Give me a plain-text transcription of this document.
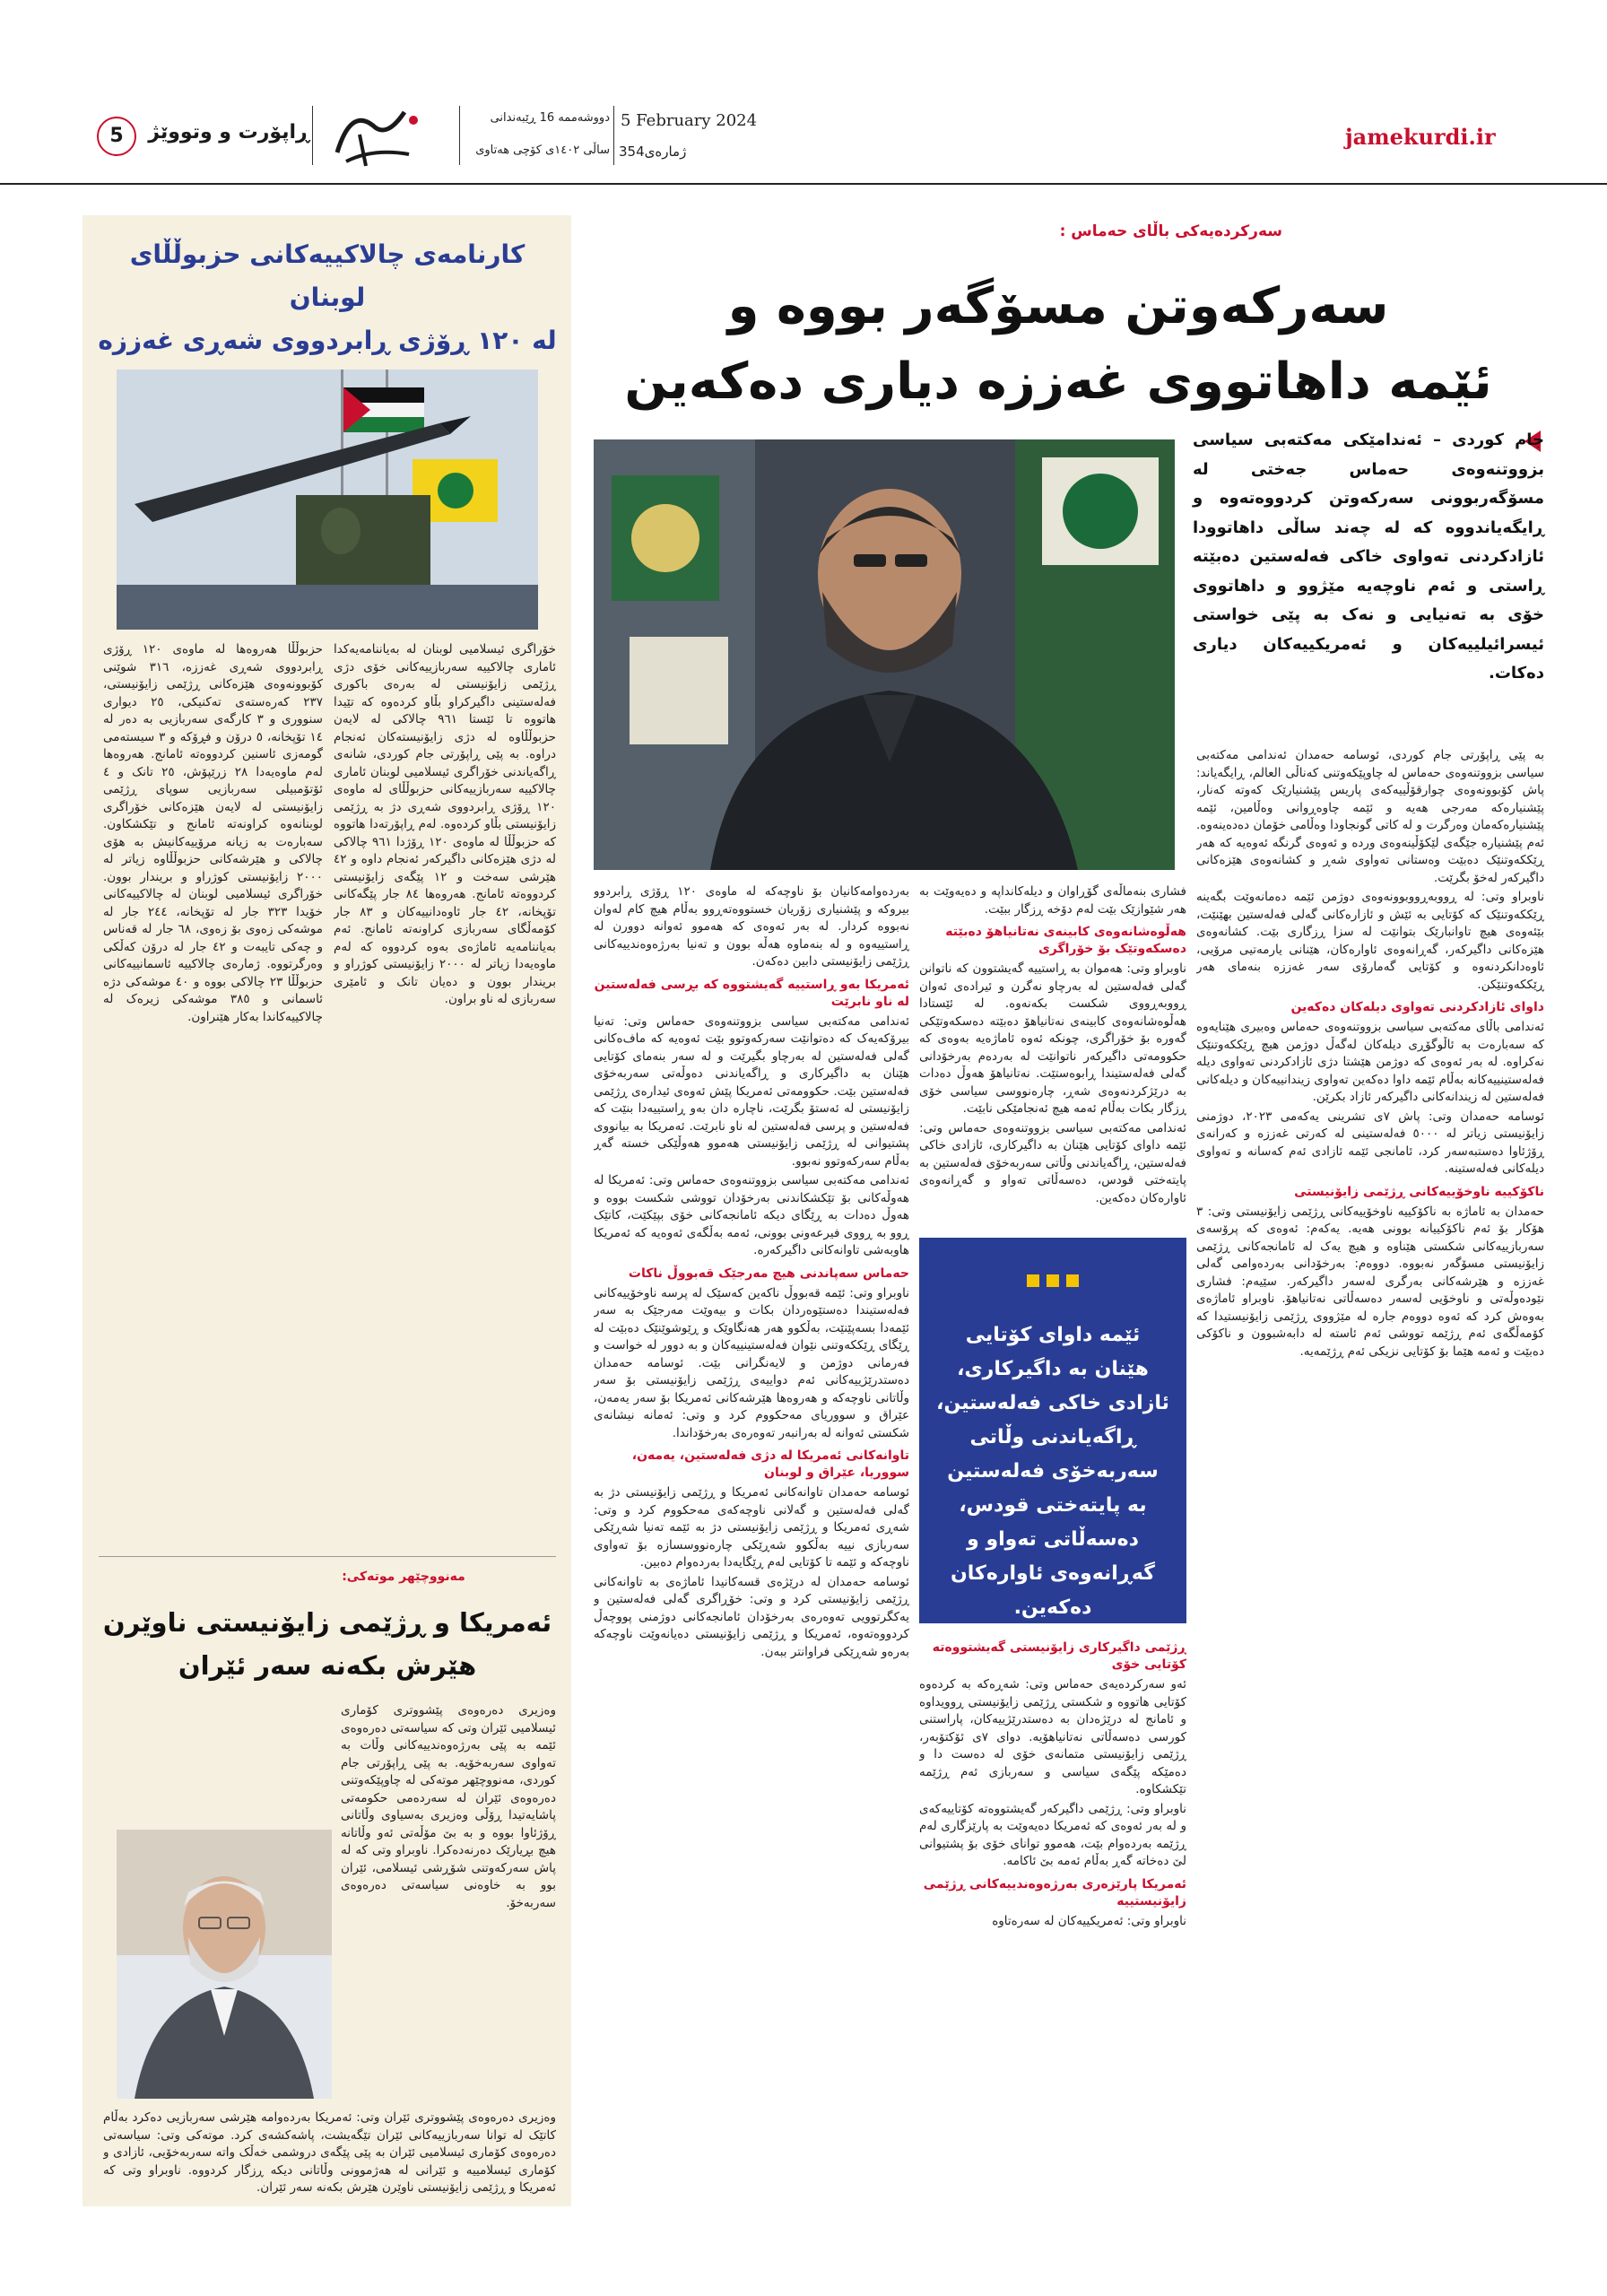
jamekurdi.ir
5 February 2024
ژمارەی354
دووشەممە 16 ڕێبەندانی
ساڵی ١٤٠٢ی کۆچی هەتاوی
ڕاپۆرت و وتووێژ
5
سەرکردەیەکی باڵای حەماس :
سەرکەوتن مسۆگەر بووە و
ئێمە داهاتووی غەززە دیاری دەکەین
جام کوردی – ئەندامێکی مەکتەبی سیاسی بزووتنەوەی حەماس جەختی لە مسۆگەربوونی سەرکەوتن کردووەتەوە و ڕایگەیاندووە کە لە چەند ساڵی داهاتوودا ئازادکردنی تەواوی خاکی فەلەستین دەبێتە ڕاستی و ئەم ناوچەیە مێژوو و داهاتووی خۆی بە تەنیایی و نەک بە پێی خواستی ئیسرائیلییەکان و ئەمریکییەکان دیاری دەکات.
ئێمە داوای کۆتایی هێنان بە داگیرکاری، ئازادی خاکی فەلەستین، ڕاگەیاندنی وڵاتی سەربەخۆی فەلەستین بە پایتەختی قودس، دەسەڵاتی تەواو و گەڕانەوەی ئاوارەکان دەکەین.

بە پێی ڕاپۆرتی جام کوردی، ئوسامە حەمدان ئەندامی مەکتەبی سیاسی بزووتنەوەی حەماس لە چاوپێکەوتنی کەناڵی العالم، ڕایگەیاند: پاش کۆبوونەوەی چوارقۆڵییەکەی پاریس پێشنیارێک کەوتە کەنار، پێشنیارەکە مەرجی هەیە و ئێمە چاوەڕوانی وەڵامین، ئێمە پێشنیارەکەمان وەرگرت و لە کاتی گونجاودا وەڵامی خۆمان دەدەینەوە. ئەم پێشنیارە جێگەی لێکۆڵینەوەی وردە و ئەوەی گرنگە ئەوەیە کە هەر ڕێککەوتنێک دەبێت وەستانی تەواوی شەڕ و کشانەوەی هێزەکانی داگیرکەر لەخۆ بگرێت.

ناوبراو وتی: لە ڕووبەڕووبوونەوەی دوژمن ئێمە دەمانەوێت بگەینە ڕێککەوتنێک کە کۆتایی بە ئێش و ئازارەکانی گەلی فەلەستین بهێنێت، بێئەوەی هیچ تاوانبارێک بتوانێت لە سزا ڕزگاری بێت. کشانەوەی هێزەکانی داگیرکەر، گەڕانەوەی ئاوارەکان، هێنانی یارمەتیی مرۆیی، ئاوەدانکردنەوە و کۆتایی گەمارۆی سەر غەززە بنەمای هەر ڕێککەوتنێکن.

داوای ئازادکردنی تەواوی دیلەکان دەکەین

ئەندامی باڵای مەکتەبی سیاسی بزووتنەوەی حەماس وەبیری هێنایەوە کە سەبارەت بە ئاڵوگۆڕی دیلەکان لەگەڵ دوژمن هیچ ڕێککەوتنێک نەکراوە. لە بەر ئەوەی کە دوژمن هێشتا دژی ئازادکردنی تەواوی دیلە فەلەستینییەکانە بەڵام ئێمە داوا دەکەین تەواوی زیندانییەکان و دیلەکانی فەلەستین لە زیندانەکانی داگیرکەر ئازاد بکرێن.

ئوسامە حەمدان وتی: پاش ٧ی تشرینی یەکەمی ٢٠٢٣، دوژمنی زایۆنیستی زیاتر لە ٥٠٠٠ فەلەستینی لە کەرتی غەززە و کەرانەی ڕۆژئاوا دەستبەسەر کرد، ئامانجی ئێمە ئازادی ئەم کەسانە و تەواوی دیلەکانی فەلەستینە.

ناکۆکییە ناوخۆییەکانی ڕژێمی زایۆنیستی

حەمدان بە ئاماژە بە ناکۆکییە ناوخۆییەکانی ڕژێمی زایۆنیستی وتی: ٣ هۆکار بۆ ئەم ناکۆکییانە بوونی هەیە. یەکەم: ئەوەی کە پرۆسەی سەربازییەکانی شکستی هێناوە و هیچ یەک لە ئامانجەکانی ڕژێمی زایۆنیستی مسۆگەر نەبووە. دووەم: بەرخۆدانی بەردەوامی گەلی غەززە و هێرشەکانی بەرگری لەسەر داگیرکەر. سێیەم: فشاری نێودەوڵەتی و ناوخۆیی لەسەر دەسەڵاتی نەتانیاهۆ. ناوبراو ئاماژەی بەوەش کرد کە ئەوە دووەم جارە لە مێژووی ڕژێمی زایۆنیستیدا کە کۆمەڵگەی ئەم ڕژێمە تووشی ئەم ئاستە لە دابەشبوون و ناکۆکی دەبێت و ئەمە هێما بۆ کۆتایی نزیکی ئەم ڕژێمەیە.

فشاری بنەماڵەی گۆڕاوان و دیلەکانداپە و دەیەوێت بە هەر شێوازێک بێت لەم دۆخە ڕزگار ببێت.

هەڵوەشانەوەی کابینەی نەتانیاهۆ دەبێتە دەسکەوتێک بۆ خۆراگری

ناوبراو وتی: هەموان بە ڕاستییە گەیشتوون کە ناتوانن گەلی فەلەستین لە بەرچاو نەگرن و ئیرادەی ئەوان ڕووبەڕووی شکست بکەنەوە. لە ئێستادا هەڵوەشانەوەی کابینەی نەتانیاهۆ دەبێتە دەسکەوتێکی گەورە بۆ خۆراگری، چونکە ئەوە ئاماژەیە بەوەی کە حکوومەتی داگیرکەر ناتوانێت لە بەردەم بەرخۆدانی گەلی فەلەستیندا ڕابوەستێت. نەتانیاهۆ هەوڵ دەدات بە درێژکردنەوەی شەڕ، چارەنووسی سیاسی خۆی ڕزگار بکات بەڵام ئەمە هیچ ئەنجامێکی نابێت.

ئەندامی مەکتەبی سیاسی بزووتنەوەی حەماس وتی: ئێمە داوای کۆتایی هێنان بە داگیرکاری، ئازادی خاکی فەلەستین، ڕاگەیاندنی وڵاتی سەربەخۆی فەلەستین بە پایتەختی قودس، دەسەڵاتی تەواو و گەڕانەوەی ئاوارەکان دەکەین.

ڕژێمی داگیرکاری زایۆنیستی گەیشتووەتە کۆتایی خۆی

ئەو سەرکردەیەی حەماس وتی: شەڕەکە بە کردەوە کۆتایی هاتووە و شکستی ڕژێمی زایۆنیستی ڕوویداوە و ئامانج لە درێژەدان بە دەستدرێژییەکان، پاراستنی کورسی دەسەڵاتی نەتانیاهۆیە. دوای ٧ی ئۆکتۆبەر، ڕژێمی زایۆنیستی متمانەی خۆی لە دەست دا و دەمێکە پێگەی سیاسی و سەربازی ئەم ڕژێمە تێکشکاوە.

ناوبراو وتی: ڕژێمی داگیرکەر گەیشتووەتە کۆتاییەکەی و لە بەر ئەوەی کە ئەمریکا دەیەوێت بە پارێزگاری لەم ڕژێمە بەردەوام بێت، هەموو توانای خۆی بۆ پشتیوانی لێ دەخاتە گەڕ بەڵام ئەمە بێ ئاکامە.

ئەمریکا پارێزەری بەرژەوەندییەکانی ڕژێمی زایۆنیستییە

ناوبراو وتی: ئەمریکییەکان لە سەرەتاوە

بەردەوامەکانیان بۆ ناوچەکە لە ماوەی ١٢٠ ڕۆژی ڕابردوو بیروکە و پێشنیاری زۆریان خستووەتەڕوو بەڵام هیچ کام لەوان نەبووە کردار. لە بەر ئەوەی کە هەموو ئەوانە دوورن لە ڕاستییەوە و لە بنەماوە هەڵە بوون و تەنیا بەرژەوەندییەکانی ڕژێمی زایۆنیستی دابین دەکەن.

ئەمریکا بەو ڕاستییە گەیشتووە کە بڕسی فەلەستین لە ناو نابرێت

ئەندامی مەکتەبی سیاسی بزووتنەوەی حەماس وتی: تەنیا بیرۆکەیەک کە دەتوانێت سەرکەوتوو بێت ئەوەیە کە ماف‌ەکانی گەلی فەلەستین لە بەرچاو بگیرێت و لە سەر بنەمای کۆتایی هێنان بە داگیرکاری و ڕاگەیاندنی دەوڵەتی سەربەخۆی فەلەستین بێت. حکوومەتی ئەمریکا پێش ئەوەی ئیدارەی ڕژێمی زایۆنیستی لە ئەستۆ بگرێت، ناچارە دان بەو ڕاستییەدا بنێت کە فەلەستین و پرسی فەلەستین لە ناو نابرێت. ئەمریکا بە بیانووی پشتیوانی لە ڕژێمی زایۆنیستی هەموو هەوڵێکی خستە گەڕ بەڵام سەرکەوتوو نەبوو.

ئەندامی مەکتەبی سیاسی بزووتنەوەی حەماس وتی: ئەمریکا لە هەوڵەکانی بۆ تێکشکاندنی بەرخۆدان تووشی شکست بووە و هەوڵ دەدات بە ڕێگای دیکە ئامانجەکانی خۆی بپێکێت، کاتێک ڕوو بە ڕووی فیرعەونی بوونی، ئەمە بەڵگەی ئەوەیە کە ئەمریکا هاوبەشی تاوانەکانی داگیرکەرە.

حەماس سەپاندنی هیچ مەرجێک قەبووڵ ناکات

ناوبراو وتی: ئێمە قەبووڵ ناکەین کەسێک لە پرسە ناوخۆییەکانی فەلەستیندا دەستێوەردان بکات و بیەوێت مەرجێک بە سەر ئێمەدا بسەپێنێت، بەڵکوو هەر هەنگاوێک و ڕێوشوێنێک دەبێت لە ڕێگای ڕێککەوتنی نێوان فەلەستینییەکان و بە دوور لە خواست و فەرمانی دوژمن و لایەنگرانی بێت. ئوسامە حەمدان دەستدرێژییەکانی ئەم دواییەی ڕژێمی زایۆنیستی بۆ سەر وڵاتانی ناوچەکە و هەروەها هێرشەکانی ئەمریکا بۆ سەر یەمەن، عێراق و سووریای مەحکووم کرد و وتی: ئەمانە نیشانەی شکستی ئەوانە لە بەرانبەر تەوەرەی بەرخۆداندا.

تاوانەکانی ئەمریکا لە دژی فەلەستین، یەمەن، سووریا، عێراق و لوبنان

ئوسامە حەمدان تاوانەکانی ئەمریکا و ڕژێمی زایۆنیستی دژ بە گەلی فەلەستین و گەلانی ناوچەکەی مەحکووم کرد و وتی: شەڕی ئەمریکا و ڕژێمی زایۆنیستی دژ بە ئێمە تەنیا شەڕێکی سەربازی نییە بەڵکوو شەڕێکی چارەنووسسازە بۆ تەواوی ناوچەکە و ئێمە تا کۆتایی لەم ڕێگایەدا بەردەوام دەبین.

ئوسامە حەمدان لە درێژەی قسەکانیدا ئاماژەی بە تاوانەکانی ڕژێمی زایۆنیستی کرد و وتی: خۆڕاگری گەلی فەلەستین و یەکگرتوویی تەوەرەی بەرخۆدان ئامانجەکانی دوژمنی پووچەڵ کردووەتەوە، ئەمریکا و ڕژێمی زایۆنیستی دەیانەوێت ناوچەکە بەرەو شەڕێکی فراوانتر ببەن.

کارنامەی چالاکییەکانی حزبوڵڵای لوبنان
لە ١٢٠ ڕۆژی ڕابردووی شەڕی غەززە
خۆراگری ئیسلامیی لوبنان لە بەیاننامەیەکدا ئاماری چالاکییە سەربازییەکانی خۆی دژی ڕژێمی زایۆنیستی لە بەرەی باکوری فەلەستینی داگیرکراو بڵاو کردەوە کە تێیدا هاتووە تا ئێستا ٩٦١ چالاکی لە لایەن حزبوڵڵاوە لە دژی زایۆنیستەکان ئەنجام دراوە. بە پێی ڕاپۆرتی جام کوردی، شانەی ڕاگەیاندنی خۆراگری ئیسلامیی لوبنان ئاماری چالاکییە سەربازییەکانی حزبوڵڵای لە ماوەی ١٢٠ ڕۆژی ڕابردووی شەڕی دژ بە ڕژێمی زایۆنیستی بڵاو کردەوە. لەم ڕاپۆرتەدا هاتووە کە حزبوڵڵا لە ماوەی ١٢٠ ڕۆژدا ٩٦١ چالاکی لە دژی هێزەکانی داگیرکەر ئەنجام داوە و ٤٢ هێرشی سەخت و ١٢ پێگەی زایۆنیستی کردووەتە ئامانج. هەروەها ٨٤ جار پێگەکانی تۆپخانە، ٤٢ جار ئاوەدانییەکان و ٨٣ جار کۆمەڵگای سەربازی کراونەتە ئامانج. ئەم بەیاننامەیە ئاماژەی بەوە کردووە کە لەم ماوەیەدا زیاتر لە ٢٠٠٠ زایۆنیستی کوژراو و بریندار بوون و دەیان تانک و ئامێری سەربازی لە ناو براون.
حزبوڵڵا هەروەها لە ماوەی ١٢٠ ڕۆژی ڕابردووی شەڕی غەززە، ٣١٦ شوێنی کۆبوونەوەی هێزەکانی ڕژێمی زایۆنیستی، ٢٣٧ کەرەستەی تەکنیکی، ٢٥ دیواری سنووری و ٣ کارگەی سەربازیی بە دەر لە ١٤ تۆپخانە، ٥ درۆن و فڕۆکە و ٣ سیستەمی گومەزی ئاسنین کردووەتە ئامانج. هەروەها لەم ماوەیەدا ٢٨ زرێپۆش، ٢٥ تانک و ٤ ئۆتۆمبیلی سەربازیی سوپای ڕژێمی زایۆنیستی لە لایەن هێزەکانی خۆراگری لوبنانەوە کراونەتە ئامانج و تێکشکاون. سەبارەت بە زیانە مرۆییەکانیش بە هۆی چالاکی و هێرشەکانی حزبوڵڵاوە زیاتر لە ٢٠٠٠ زایۆنیستی کوژراو و بریندار بوون. خۆراگری ئیسلامیی لوبنان لە چالاکییەکانی خۆیدا ٣٢٣ جار لە تۆپخانە، ٢٤٤ جار لە موشەکی زەوی بۆ زەوی، ٦٨ جار لە قەناس و چەکی تایبەت و ٤٢ جار لە درۆن کەڵکی وەرگرتووە. ژمارەی چالاکییە ئاسمانییەکانی حزبوڵڵا ٢٣ چالاکی بووە و ٤٠ موشەکی دژە ئاسمانی و ٣٨٥ موشەکی زیرەک لە چالاکییەکاندا بەکار هێنراون.
مەنووچێهر موتەکی:
ئەمریکا و ڕژێمی زایۆنیستی ناوێرن
هێرش بکەنە سەر ئێران
وەزیری دەرەوەی پێشووتری کۆماری ئیسلامیی ئێران وتی کە سیاسەتی دەرەوەی ئێمە بە پێی بەرژەوەندییەکانی وڵات بە تەواوی سەربەخۆیە. بە پێی ڕاپۆرتی جام کوردی، مەنووچێهر موتەکی لە چاوپێکەوتنی دەرەوەی ئێران لە سەردەمی حکومەتی پاشایەتیدا ڕۆڵی وەزیری بەسیاوی وڵاتانی ڕۆژئاوا بووە و بە بێ مۆڵەتی ئەو وڵاتانە هیچ بڕیارێک دەرنەدەکرا. ناوبراو وتی کە لە پاش سەرکەوتنی شۆڕشی ئیسلامی، ئێران بوو بە خاوەنی سیاسەتی دەرەوەی سەربەخۆ.
وەزیری دەرەوەی پێشووتری ئێران وتی: ئەمریکا بەردەوامە هێرشی سەربازیی دەکرد بەڵام کاتێک لە توانا سەربازییەکانی ئێران تێگەیشت، پاشەکشەی کرد. موتەکی وتی: سیاسەتی دەرەوەی کۆماری ئیسلامیی ئێران بە پێی پێگەی دروشمی خەڵک واتە سەربەخۆیی، ئازادی و کۆماری ئیسلامییە و ئێرانی لە هەژموونی وڵاتانی دیکە ڕزگار کردووە. ناوبراو وتی کە ئەمریکا و ڕژێمی زایۆنیستی ناوێرن هێرش بکەنە سەر ئێران.
